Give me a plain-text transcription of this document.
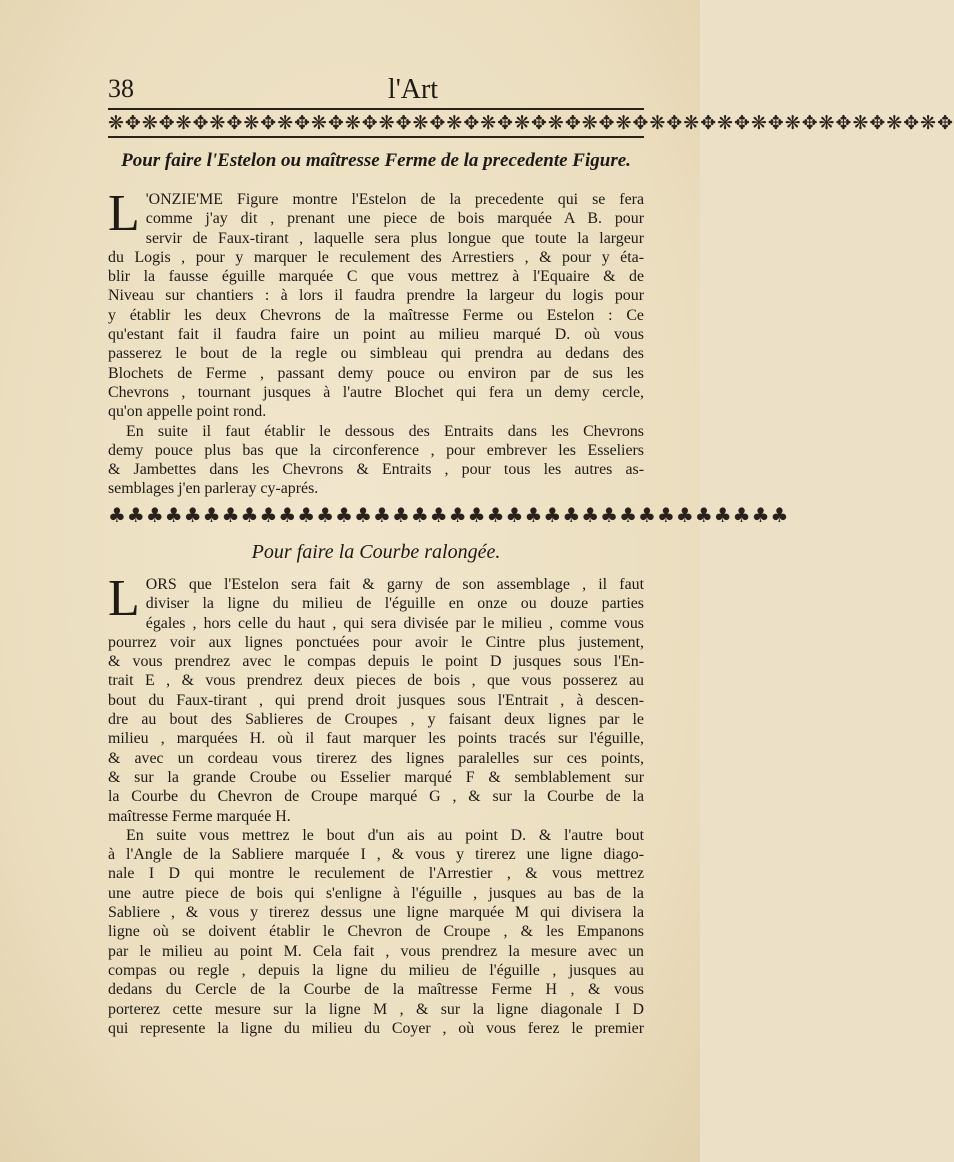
38	l'Art
❋✥❋✥❋✥❋✥❋✥❋✥❋✥❋✥❋✥❋✥❋✥❋✥❋✥❋✥❋✥❋✥❋✥❋✥❋✥❋✥❋✥❋✥❋✥❋✥❋✥
Pour faire l'Estelon ou maîtresse Ferme de la precedente Figure.
L 'ONZIE'ME Figure montre l'Estelon de la precedente qui se fera
comme j'ay dit , prenant une piece de bois marquée A B. pour
servir de Faux-tirant , laquelle sera plus longue que toute la largeur
du Logis , pour y marquer le reculement des Arrestiers , & pour y éta-
blir la fausse éguille marquée C que vous mettrez à l'Equaire & de
Niveau sur chantiers : à lors il faudra prendre la largeur du logis pour
y établir les deux Chevrons de la maîtresse Ferme ou Estelon : Ce
qu'estant fait il faudra faire un point au milieu marqué D. où vous
passerez le bout de la regle ou simbleau qui prendra au dedans des
Blochets de Ferme , passant demy pouce ou environ par de sus les
Chevrons , tournant jusques à l'autre Blochet qui fera un demy cercle,
qu'on appelle point rond.
En suite il faut établir le dessous des Entraits dans les Chevrons
demy pouce plus bas que la circonference , pour embrever les Esseliers
& Jambettes dans les Chevrons & Entraits , pour tous les autres as-
semblages j'en parleray cy-aprés.
♣♣♣♣♣♣♣♣♣♣♣♣♣♣♣♣♣♣♣♣♣♣♣♣♣♣♣♣♣♣♣♣♣♣♣♣
Pour faire la Courbe ralongée.
L ORS que l'Estelon sera fait & garny de son assemblage , il faut
diviser la ligne du milieu de l'éguille en onze ou douze parties
égales , hors celle du haut , qui sera divisée par le milieu , comme vous
pourrez voir aux lignes ponctuées pour avoir le Cintre plus justement,
& vous prendrez avec le compas depuis le point D jusques sous l'En-
trait E , & vous prendrez deux pieces de bois , que vous posserez au
bout du Faux-tirant , qui prend droit jusques sous l'Entrait , à descen-
dre au bout des Sablieres de Croupes , y faisant deux lignes par le
milieu , marquées H. où il faut marquer les points tracés sur l'éguille,
& avec un cordeau vous tirerez des lignes paralelles sur ces points,
& sur la grande Croube ou Esselier marqué F & semblablement sur
la Courbe du Chevron de Croupe marqué G , & sur la Courbe de la
maîtresse Ferme marquée H.
En suite vous mettrez le bout d'un ais au point D. & l'autre bout
à l'Angle de la Sabliere marquée I , & vous y tirerez une ligne diago-
nale I D qui montre le reculement de l'Arrestier , & vous mettrez
une autre piece de bois qui s'enligne à l'éguille , jusques au bas de la
Sabliere , & vous y tirerez dessus une ligne marquée M qui divisera la
ligne où se doivent établir le Chevron de Croupe , & les Empanons
par le milieu au point M. Cela fait , vous prendrez la mesure avec un
compas ou regle , depuis la ligne du milieu de l'éguille , jusques au
dedans du Cercle de la Courbe de la maîtresse Ferme H , & vous
porterez cette mesure sur la ligne M , & sur la ligne diagonale I D
qui represente la ligne du milieu du Coyer , où vous ferez le premier
